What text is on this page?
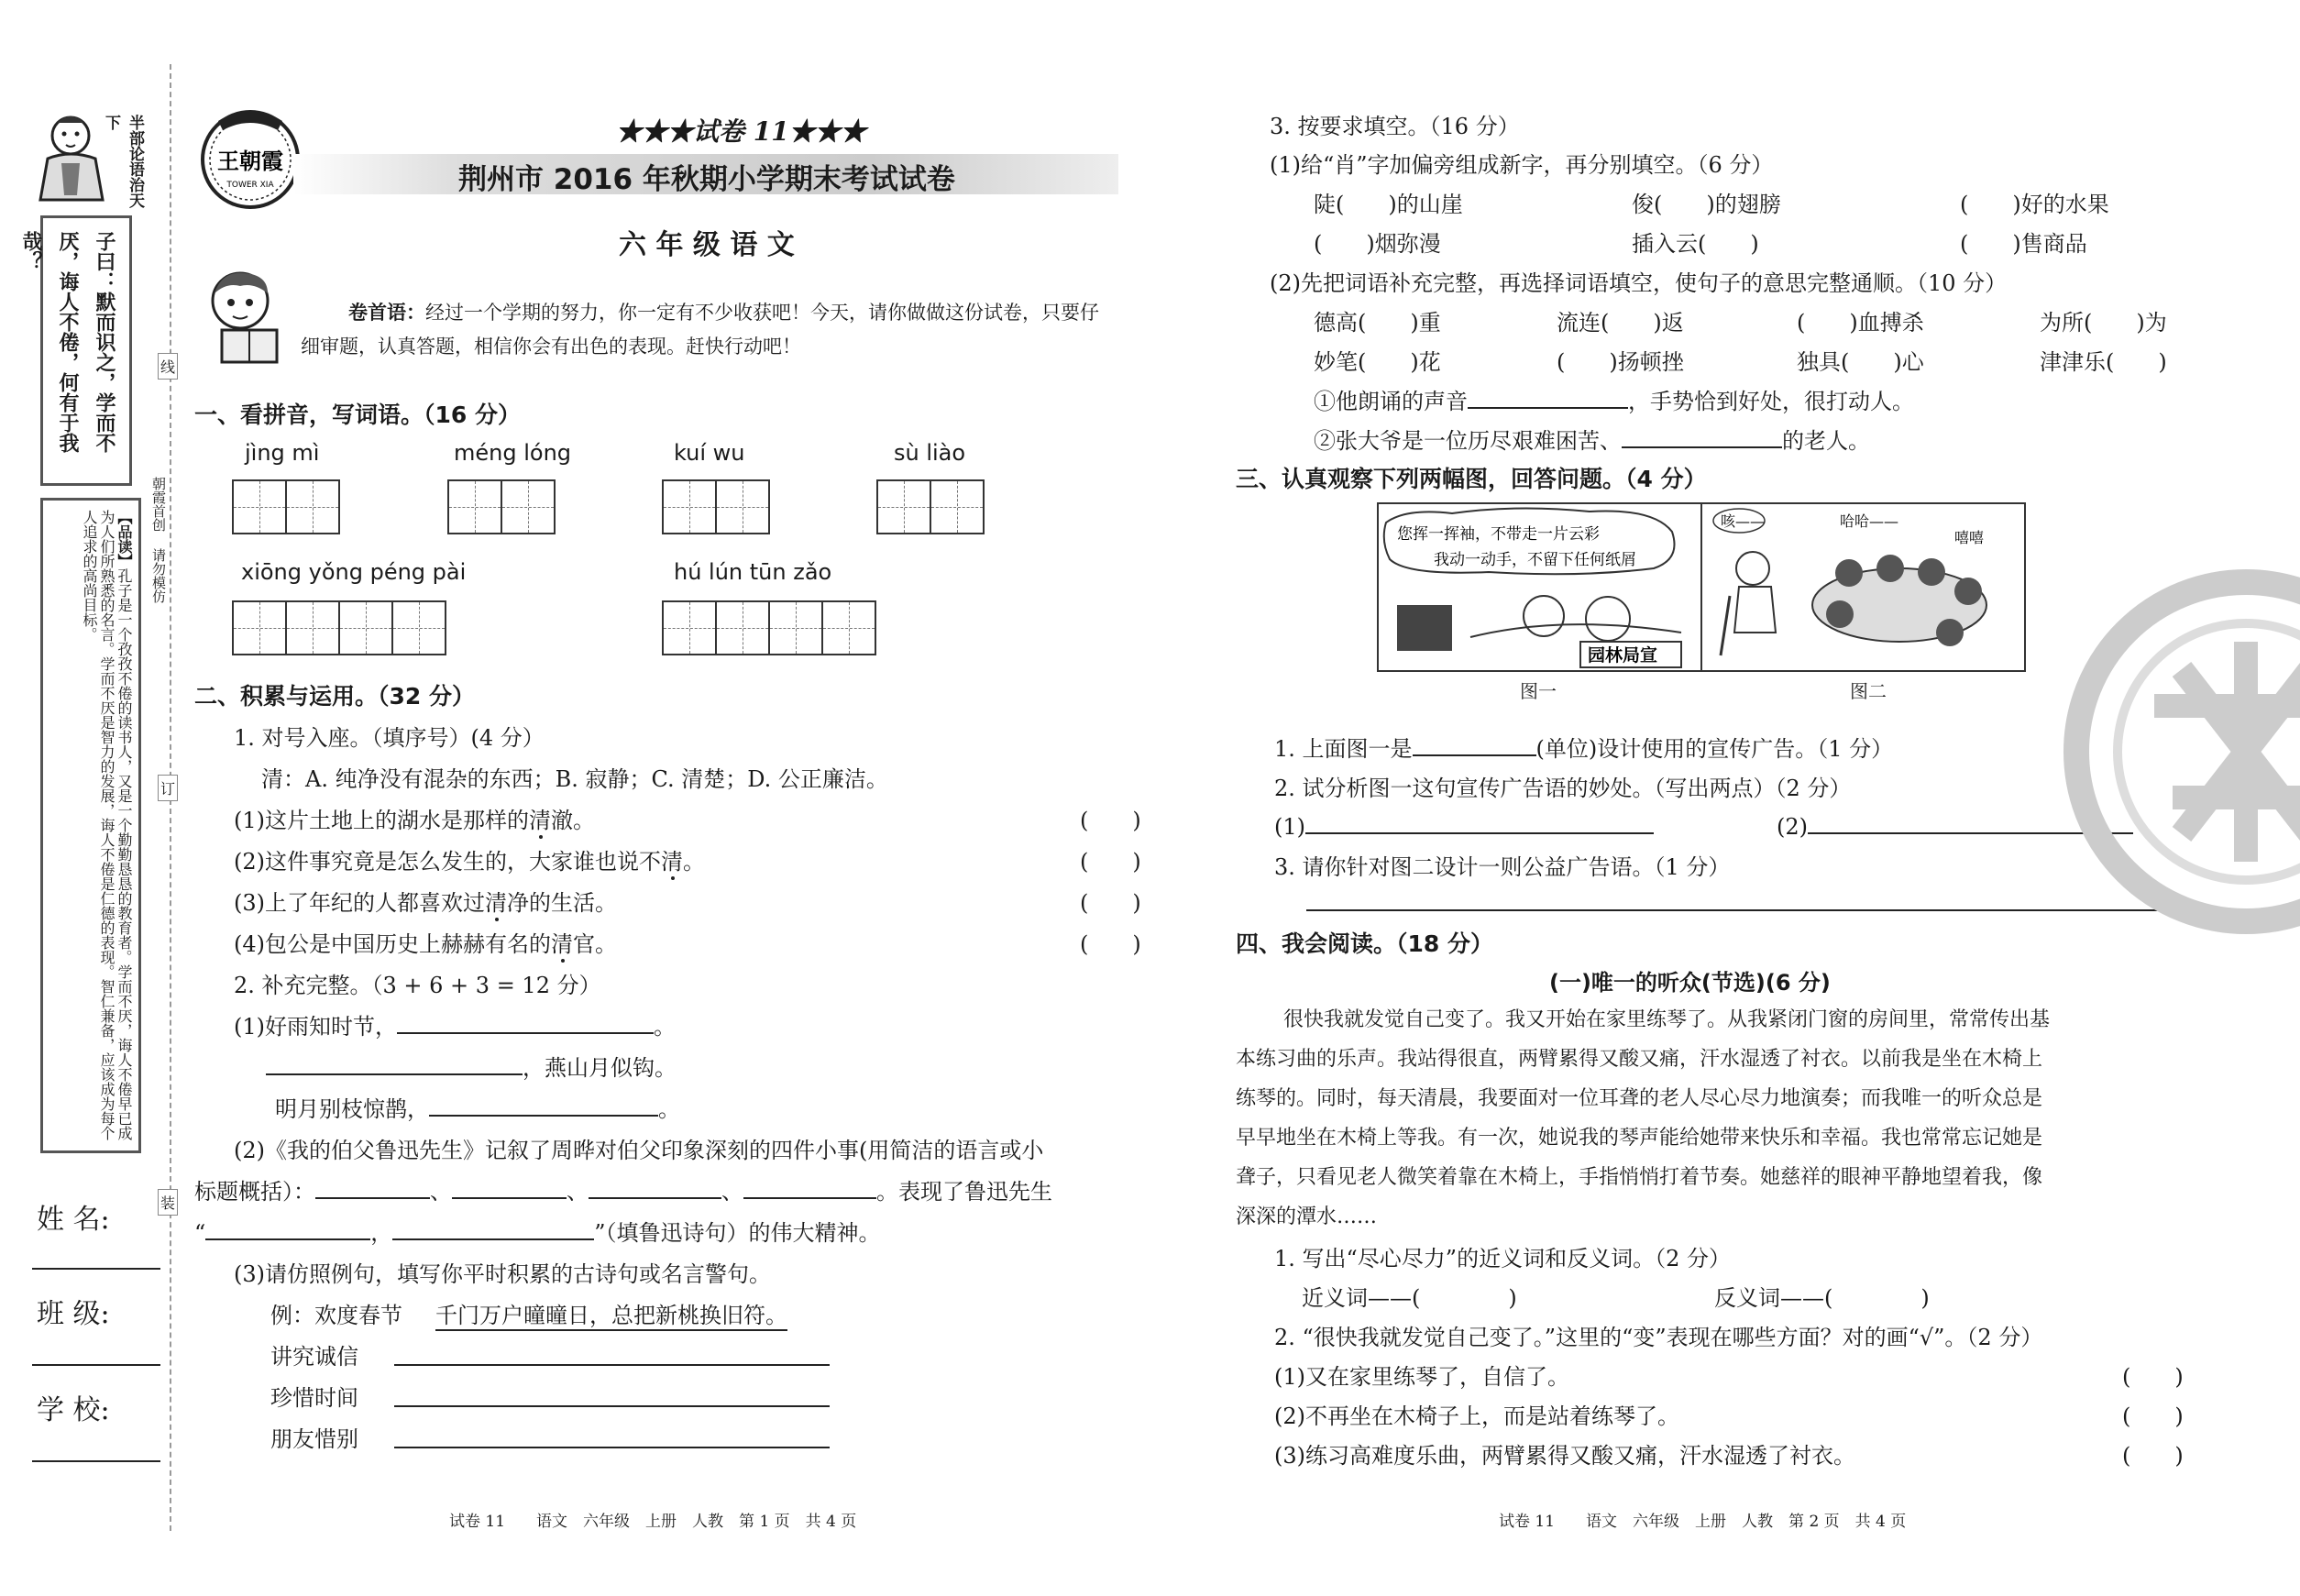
半部论语治天下
子曰：默而识之，学而不厌，诲人不倦，何有于我哉？
【品读】孔子是一个孜孜不倦的读书人，又是一个勤勤恳恳的教育者。学而不厌，诲人不倦早已成为人们所熟悉的名言。学而不厌是智力的发展，诲人不倦是仁德的表现。智仁兼备，应该成为每个人追求的高尚目标。	朝霞首创 请勿模仿
姓 名:
班 级:
学 校:
线
订
装
王朝霞
TOWER XIA
★★★试卷 11★★★
荆州市 2016 年秋期小学期末考试试卷
六 年 级 语 文
卷首语：经过一个学期的努力，你一定有不少收获吧！今天，请你做做这份试卷，只要仔
细审题，认真答题，相信你会有出色的表现。赶快行动吧！
一、看拼音，写词语。（16 分）
jìng mì	méng lóng	kuí wu	sù liào
xiōng yǒng péng pài	hú lún tūn zǎo
二、积累与运用。（32 分）
1. 对号入座。（填序号）(4 分）
清：A. 纯净没有混杂的东西；B. 寂静；C. 清楚；D. 公正廉洁。
(1)这片土地上的湖水是那样的清澈。	(　　)
(2)这件事究竟是怎么发生的，大家谁也说不清。	(　　)
(3)上了年纪的人都喜欢过清净的生活。	(　　)
(4)包公是中国历史上赫赫有名的清官。	(　　)
2. 补充完整。（3 + 6 + 3 = 12 分）
(1)好雨知时节，	。
，燕山月似钩。
明月别枝惊鹊，	。
(2)《我的伯父鲁迅先生》记叙了周晔对伯父印象深刻的四件小事(用简洁的语言或小
标题概括）：	、	、	、	。表现了鲁迅先生
“	，	”（填鲁迅诗句）的伟大精神。
(3)请仿照例句，填写你平时积累的古诗句或名言警句。
例：欢度春节 千门万户曈曈日，总把新桃换旧符。
讲究诚信
珍惜时间
朋友惜别
试卷 11　　语文　六年级　上册　人教　第 1 页　共 4 页
3. 按要求填空。（16 分）
(1)给“肖”字加偏旁组成新字，再分别填空。（6 分）
陡(　　)的山崖	俊(　　)的翅膀	(　　)好的水果
(　　)烟弥漫	插入云(　　)	(　　)售商品
(2)先把词语补充完整，再选择词语填空，使句子的意思完整通顺。（10 分）
德高(　　)重	流连(　　)返	(　　)血搏杀	为所(　　)为
妙笔(　　)花	(　　)扬顿挫	独具(　　)心	津津乐(　　)
①他朗诵的声音	，手势恰到好处，很打动人。
②张大爷是一位历尽艰难困苦、	的老人。
三、认真观察下列两幅图，回答问题。（4 分）
您挥一挥袖，不带走一片云彩
我动一动手，不留下任何纸屑
园林局宣
咳——	哈哈——
嘻嘻
图一	图二
1. 上面图一是	(单位)设计使用的宣传广告。（1 分）
2. 试分析图一这句宣传广告语的妙处。（写出两点）（2 分）
(1)	(2)
3. 请你针对图二设计一则公益广告语。（1 分）
四、我会阅读。（18 分）
(一)唯一的听众(节选)(6 分)
很快我就发觉自己变了。我又开始在家里练琴了。从我紧闭门窗的房间里，常常传出基
本练习曲的乐声。我站得很直，两臂累得又酸又痛，汗水湿透了衬衣。以前我是坐在木椅上
练琴的。同时，每天清晨，我要面对一位耳聋的老人尽心尽力地演奏；而我唯一的听众总是
早早地坐在木椅上等我。有一次，她说我的琴声能给她带来快乐和幸福。我也常常忘记她是
聋子，只看见老人微笑着靠在木椅上，手指悄悄打着节奏。她慈祥的眼神平静地望着我，像
深深的潭水……
1. 写出“尽心尽力”的近义词和反义词。（2 分）
近义词——(　　　　)	反义词——(　　　　)
2. “很快我就发觉自己变了。”这里的“变”表现在哪些方面？对的画“√”。（2 分）
(1)又在家里练琴了，自信了。	(　　)
(2)不再坐在木椅子上，而是站着练琴了。	(　　)
(3)练习高难度乐曲，两臂累得又酸又痛，汗水湿透了衬衣。	(　　)
试卷 11　　语文　六年级　上册　人教　第 2 页　共 4 页
